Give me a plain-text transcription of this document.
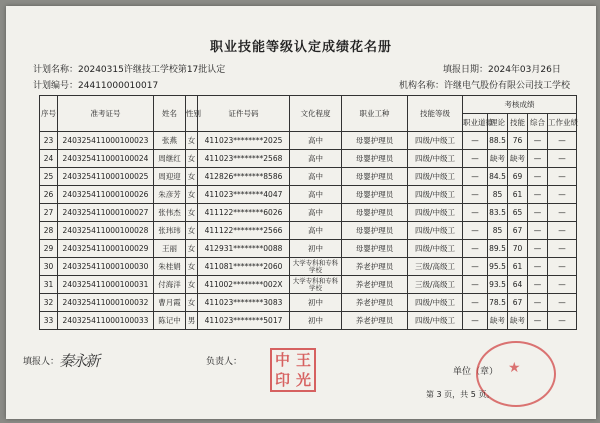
职业技能等级认定成绩花名册
计划名称：20240315许继技工学校第17批认定	填报日期：2024年03月26日
计划编号：24411000010017	机构名称：许继电气股份有限公司技工学校
序号	准考证号	姓名	性别	证件号码	文化程度	职业工种	技能等级	考核成绩				
								职业道德	理论	技能	综合	工作业绩
23	240325411000100023	张燕	女	411023********2025	高中	母婴护理员	四级/中级工	—	88.5	76	—	—
24	240325411000100024	周继红	女	411023********2568	高中	母婴护理员	四级/中级工	—	缺考	缺考	—	—
25	240325411000100025	周迎迎	女	412826********8586	高中	母婴护理员	四级/中级工	—	84.5	69	—	—
26	240325411000100026	朱彦芳	女	411023********4047	高中	母婴护理员	四级/中级工	—	85	61	—	—
27	240325411000100027	张伟杰	女	411122********6026	高中	母婴护理员	四级/中级工	—	83.5	65	—	—
28	240325411000100028	张玮玮	女	411122********2566	高中	母婴护理员	四级/中级工	—	85	67	—	—
29	240325411000100029	王丽	女	412931********0088	初中	母婴护理员	四级/中级工	—	89.5	70	—	—
30	240325411000100030	朱桂娟	女	411081********2060	大学专科和专科学校	养老护理员	三级/高级工	—	95.5	61	—	—
31	240325411000100031	付海洋	女	411002********002X	大学专科和专科学校	养老护理员	三级/高级工	—	93.5	64	—	—
32	240325411000100032	曹月霞	女	411023********3083	初中	养老护理员	四级/中级工	—	78.5	67	—	—
33	240325411000100033	陈记中	男	411023********5017	初中	养老护理员	四级/中级工	—	缺考	缺考	—	—
填报人： 秦永新	负责人： 中 王
印 光	单位（章） ★
第 3 页，共 5 页。
